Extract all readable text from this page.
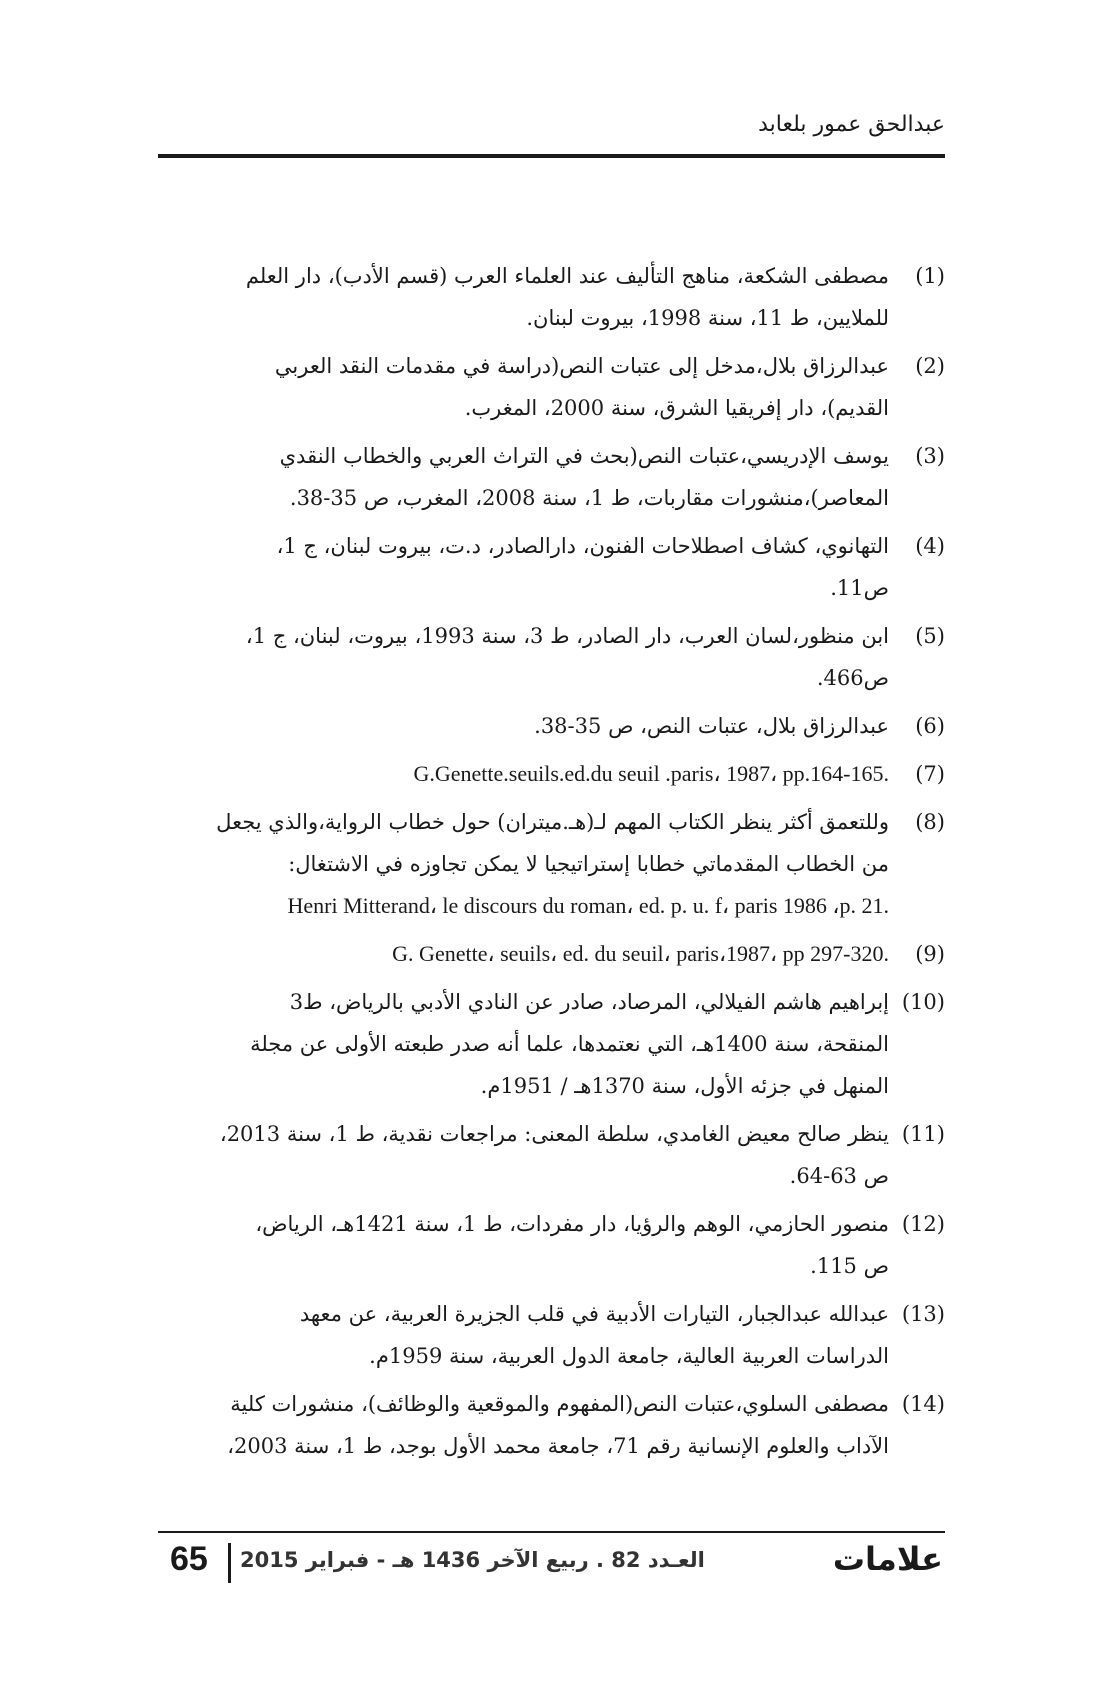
عبدالحق عمور بلعابد
(1)
مصطفى الشكعة، مناهج التأليف عند العلماء العرب (قسم الأدب)، دار العلم
للملايين، ط 11، سنة 1998، بيروت لبنان.
(2)
عبدالرزاق بلال،مدخل إلى عتبات النص(دراسة في مقدمات النقد العربي
القديم)، دار إفريقيا الشرق، سنة 2000، المغرب.
(3)
يوسف الإدريسي،عتبات النص(بحث في التراث العربي والخطاب النقدي
المعاصر)،منشورات مقاربات، ط 1، سنة 2008، المغرب، ص 35-38.
(4)
التهانوي، كشاف اصطلاحات الفنون، دارالصادر، د.ت، بيروت لبنان، ج 1،
ص11.
(5)
ابن منظور،لسان العرب، دار الصادر، ط 3، سنة 1993، بيروت، لبنان، ج 1،
ص466.
(6)
عبدالرزاق بلال، عتبات النص، ص 35-38.
(7)
G.Genette.seuils.ed.du seuil .paris، 1987، pp.164-165.
(8)
وللتعمق أكثر ينظر الكتاب المهم لـ(هـ.ميتران) حول خطاب الرواية،والذي يجعل
من الخطاب المقدماتي خطابا إستراتيجيا لا يمكن تجاوزه في الاشتغال:
Henri Mitterand، le discours du roman، ed. p. u. f، paris 1986 ،p. 21.
(9)
G. Genette، seuils، ed. du seuil، paris،1987، pp 297-320.
(10)
إبراهيم هاشم الفيلالي، المرصاد، صادر عن النادي الأدبي بالرياض، ط3
المنقحة، سنة 1400هـ، التي نعتمدها، علما أنه صدر طبعته الأولى عن مجلة
المنهل في جزئه الأول، سنة 1370هـ / 1951م.
(11)
ينظر صالح معيض الغامدي، سلطة المعنى: مراجعات نقدية، ط 1، سنة 2013،
ص 63-64.
(12)
منصور الحازمي، الوهم والرؤيا، دار مفردات، ط 1، سنة 1421هـ، الرياض،
ص 115.
(13)
عبدالله عبدالجبار، التيارات الأدبية في قلب الجزيرة العربية، عن معهد
الدراسات العربية العالية، جامعة الدول العربية، سنة 1959م.
(14)
مصطفى السلوي،عتبات النص(المفهوم والموقعية والوظائف)، منشورات كلية
الآداب والعلوم الإنسانية رقم 71، جامعة محمد الأول بوجد، ط 1، سنة 2003،
65 العـدد 82 . ربيع الآخر 1436 هـ - فبراير 2015	علامات
